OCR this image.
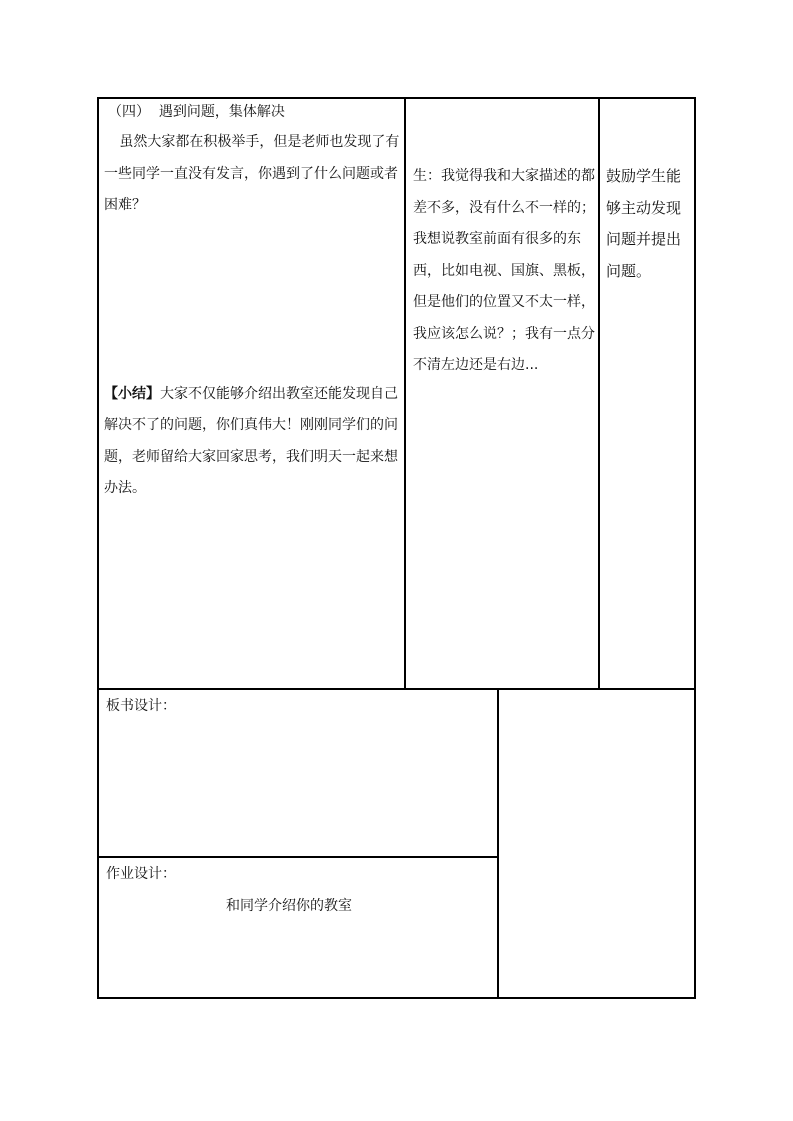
（四）  遇到问题，集体解决

虽然大家都在积极举手，但是老师也发现了有一些同学一直没有发言，你遇到了什么问题或者困难？

【小结】大家不仅能够介绍出教室还能发现自己解决不了的问题，你们真伟大！刚刚同学们的问题，老师留给大家回家思考，我们明天一起来想办法。

生：我觉得我和大家描述的都差不多，没有什么不一样的；我想说教室前面有很多的东西，比如电视、国旗、黑板，但是他们的位置又不太一样，我应该怎么说？；我有一点分不清左边还是右边...

鼓励学生能够主动发现问题并提出问题。

板书设计：

作业设计：

和同学介绍你的教室
